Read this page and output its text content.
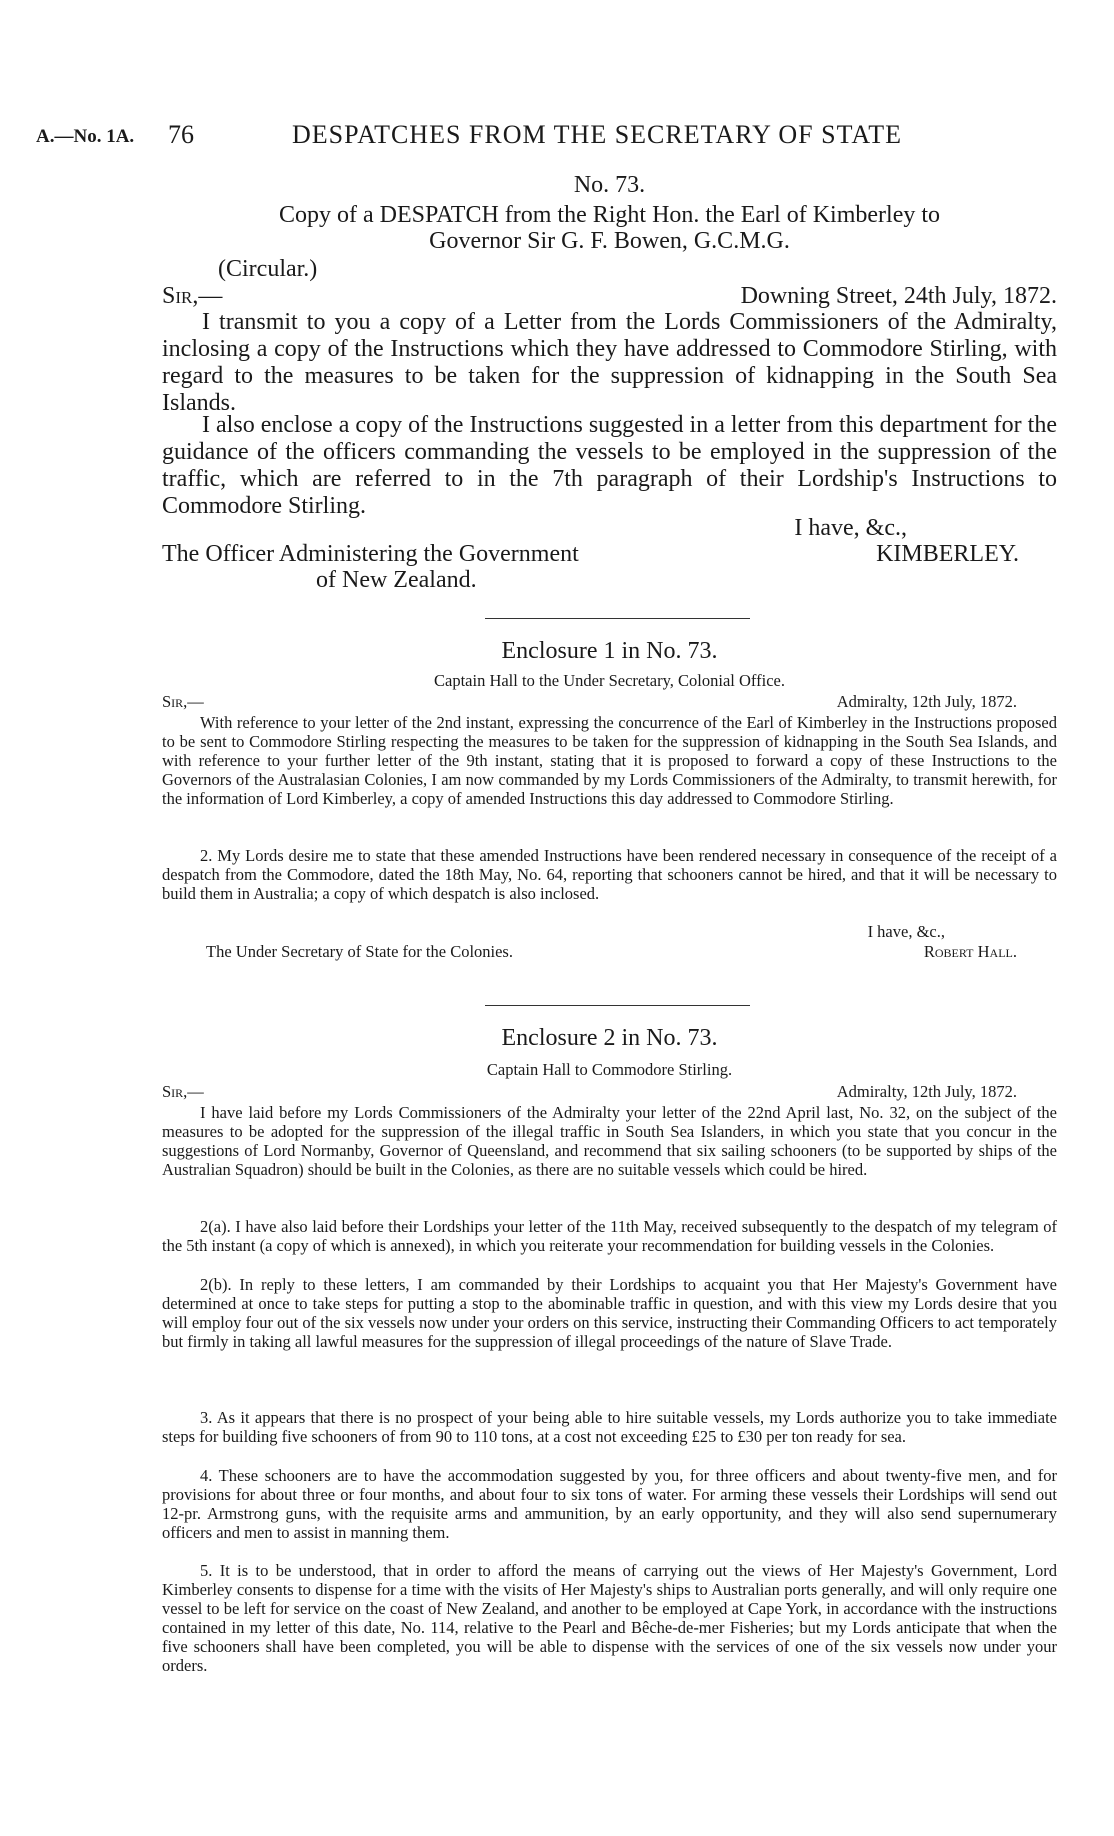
A.—No. 1A. 76	DESPATCHES FROM THE SECRETARY OF STATE
No. 73.
Copy of a DESPATCH from the Right Hon. the Earl of Kimberley to
Governor Sir G. F. Bowen, G.C.M.G.
(Circular.)
Sir,—	Downing Street, 24th July, 1872.

I transmit to you a copy of a Letter from the Lords Commissioners of the Admiralty, inclosing a copy of the Instructions which they have addressed to Commodore Stirling, with regard to the measures to be taken for the suppression of kidnapping in the South Sea Islands.

I also enclose a copy of the Instructions suggested in a letter from this department for the guidance of the officers commanding the vessels to be employed in the suppression of the traffic, which are referred to in the 7th paragraph of their Lordship's Instructions to Commodore Stirling.

I have, &c.,
The Officer Administering the Government	KIMBERLEY.
of New Zealand.
Enclosure 1 in No. 73.
Captain Hall to the Under Secretary, Colonial Office.
Sir,—	Admiralty, 12th July, 1872.

With reference to your letter of the 2nd instant, expressing the concurrence of the Earl of Kimberley in the Instructions proposed to be sent to Commodore Stirling respecting the measures to be taken for the suppression of kidnapping in the South Sea Islands, and with reference to your further letter of the 9th instant, stating that it is proposed to forward a copy of these Instructions to the Governors of the Australasian Colonies, I am now commanded by my Lords Commissioners of the Admiralty, to transmit herewith, for the information of Lord Kimberley, a copy of amended Instructions this day addressed to Commodore Stirling.

2. My Lords desire me to state that these amended Instructions have been rendered necessary in consequence of the receipt of a despatch from the Commodore, dated the 18th May, No. 64, reporting that schooners cannot be hired, and that it will be necessary to build them in Australia; a copy of which despatch is also inclosed.

I have, &c.,
The Under Secretary of State for the Colonies.	Robert Hall.
Enclosure 2 in No. 73.
Captain Hall to Commodore Stirling.
Sir,—	Admiralty, 12th July, 1872.

I have laid before my Lords Commissioners of the Admiralty your letter of the 22nd April last, No. 32, on the subject of the measures to be adopted for the suppression of the illegal traffic in South Sea Islanders, in which you state that you concur in the suggestions of Lord Normanby, Governor of Queensland, and recommend that six sailing schooners (to be supported by ships of the Australian Squadron) should be built in the Colonies, as there are no suitable vessels which could be hired.

2(a). I have also laid before their Lordships your letter of the 11th May, received subsequently to the despatch of my telegram of the 5th instant (a copy of which is annexed), in which you reiterate your recommendation for building vessels in the Colonies.

2(b). In reply to these letters, I am commanded by their Lordships to acquaint you that Her Majesty's Government have determined at once to take steps for putting a stop to the abominable traffic in question, and with this view my Lords desire that you will employ four out of the six vessels now under your orders on this service, instructing their Commanding Officers to act temporately but firmly in taking all lawful measures for the suppression of illegal proceedings of the nature of Slave Trade.

3. As it appears that there is no prospect of your being able to hire suitable vessels, my Lords authorize you to take immediate steps for building five schooners of from 90 to 110 tons, at a cost not exceeding £25 to £30 per ton ready for sea.

4. These schooners are to have the accommodation suggested by you, for three officers and about twenty-five men, and for provisions for about three or four months, and about four to six tons of water. For arming these vessels their Lordships will send out 12-pr. Armstrong guns, with the requisite arms and ammunition, by an early opportunity, and they will also send supernumerary officers and men to assist in manning them.

5. It is to be understood, that in order to afford the means of carrying out the views of Her Majesty's Government, Lord Kimberley consents to dispense for a time with the visits of Her Majesty's ships to Australian ports generally, and will only require one vessel to be left for service on the coast of New Zealand, and another to be employed at Cape York, in accordance with the instructions contained in my letter of this date, No. 114, relative to the Pearl and Bêche-de-mer Fisheries; but my Lords anticipate that when the five schooners shall have been completed, you will be able to dispense with the services of one of the six vessels now under your orders.
